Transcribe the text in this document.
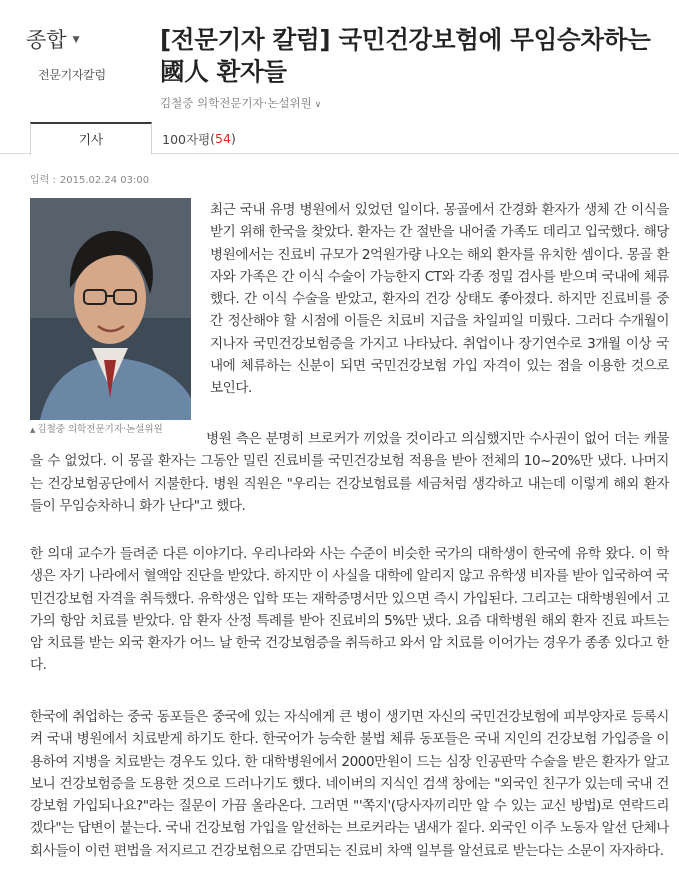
종합 ▼
전문기자칼럼
[전문기자 칼럼] 국민건강보험에 무임승차하는
國人 환자들
김철중 의학전문기자·논설위원 ∨
기사	100자평 ( 54 )
입력 : 2015.02.24 03:00
▲ 김철중 의학전문기자·논설위원

최근 국내 유명 병원에서 있었던 일이다. 몽골에서 간경화 환자가 생체 간 이식을 받기 위해 한국을 찾았다. 환자는 간 절반을 내어줄 가족도 데리고 입국했다. 해당 병원에서는 진료비 규모가 2억원가량 나오는 해외 환자를 유치한 셈이다. 몽골 환자와 가족은 간 이식 수술이 가능한지 CT와 각종 정밀 검사를 받으며 국내에 체류했다. 간 이식 수술을 받았고, 환자의 건강 상태도 좋아졌다. 하지만 진료비를 중간 정산해야 할 시점에 이들은 치료비 지급을 차일피일 미뤘다. 그러다 수개월이 지나자 국민건강보험증을 가지고 나타났다. 취업이나 장기연수로 3개월 이상 국내에 체류하는 신분이 되면 국민건강보험 가입 자격이 있는 점을 이용한 것으로 보인다.

병원 측은 분명히 브로커가 끼었을 것이라고 의심했지만 수사권이 없어 더는 캐물을 수 없었다. 이 몽골 환자는 그동안 밀린 진료비를 국민건강보험 적용을 받아 전체의 10~20%만 냈다. 나머지는 건강보험공단에서 지불한다. 병원 직원은 "우리는 건강보험료를 세금처럼 생각하고 내는데 이렇게 해외 환자들이 무임승차하니 화가 난다"고 했다.

한 의대 교수가 들려준 다른 이야기다. 우리나라와 사는 수준이 비슷한 국가의 대학생이 한국에 유학 왔다. 이 학생은 자기 나라에서 혈액암 진단을 받았다. 하지만 이 사실을 대학에 알리지 않고 유학생 비자를 받아 입국하여 국민건강보험 자격을 취득했다. 유학생은 입학 또는 재학증명서만 있으면 즉시 가입된다. 그리고는 대학병원에서 고가의 항암 치료를 받았다. 암 환자 산정 특례를 받아 진료비의 5%만 냈다. 요즘 대학병원 해외 환자 진료 파트는 암 치료를 받는 외국 환자가 어느 날 한국 건강보험증을 취득하고 와서 암 치료를 이어가는 경우가 종종 있다고 한다.

한국에 취업하는 중국 동포들은 중국에 있는 자식에게 큰 병이 생기면 자신의 국민건강보험에 피부양자로 등록시켜 국내 병원에서 치료받게 하기도 한다. 한국어가 능숙한 불법 체류 동포들은 국내 지인의 건강보험 가입증을 이용하여 지병을 치료받는 경우도 있다. 한 대학병원에서 2000만원이 드는 심장 인공판막 수술을 받은 환자가 알고 보니 건강보험증을 도용한 것으로 드러나기도 했다. 네이버의 지식인 검색 창에는 "외국인 친구가 있는데 국내 건강보험 가입되나요?"라는 질문이 가끔 올라온다. 그러면 "'쪽지'(당사자끼리만 알 수 있는 교신 방법)로 연락드리겠다"는 답변이 붙는다. 국내 건강보험 가입을 알선하는 브로커라는 냄새가 짙다. 외국인 이주 노동자 알선 단체나 회사들이 이런 편법을 저지르고 건강보험으로 감면되는 진료비 차액 일부를 알선료로 받는다는 소문이 자자하다.
